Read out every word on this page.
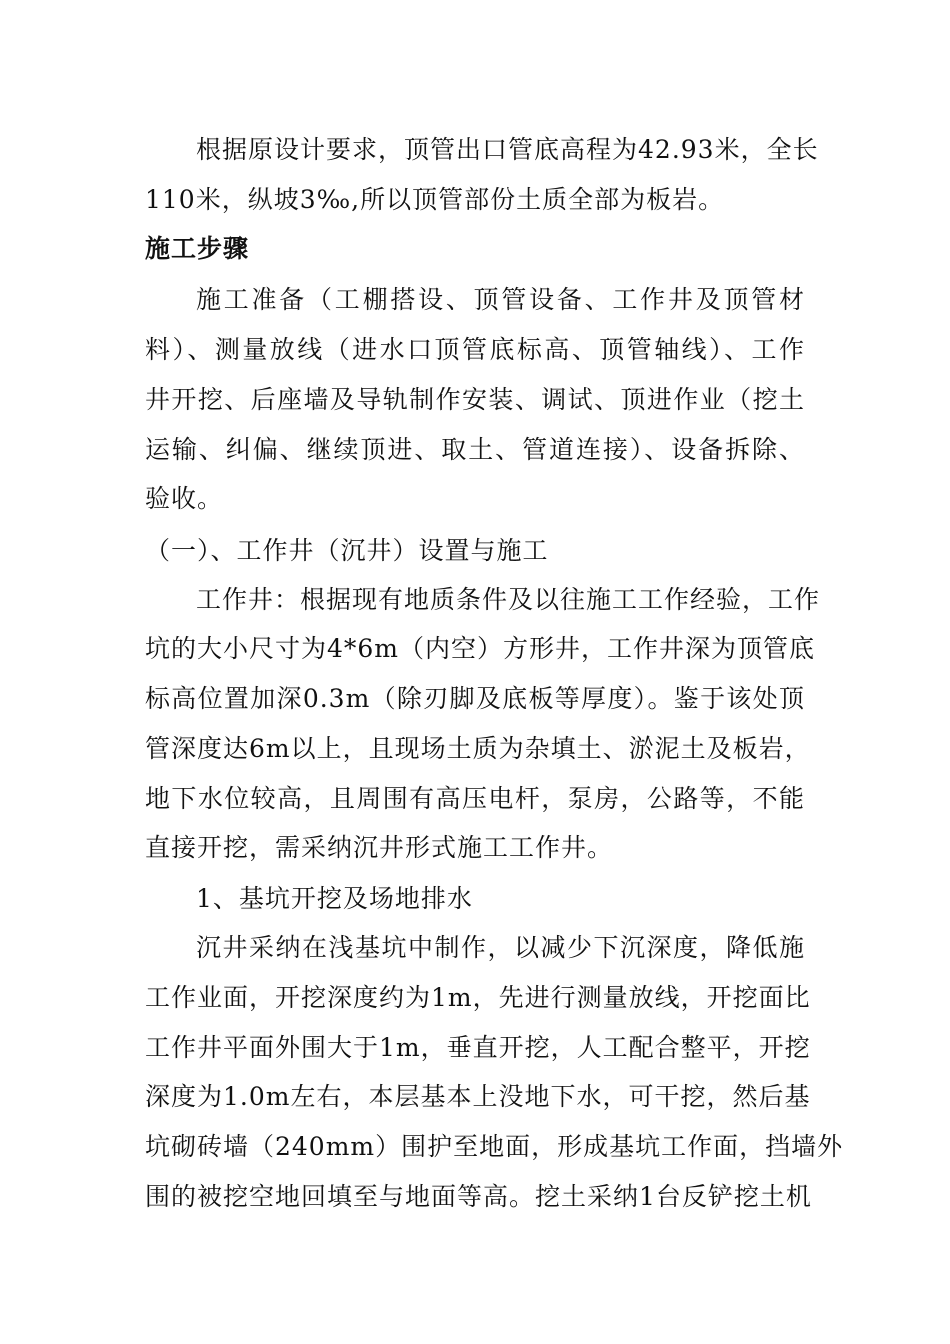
根据原设计要求，顶管出口管底高程为42.93米，全长
110米，纵坡3‰,所以顶管部份土质全部为板岩。
施工步骤
施工准备（工棚搭设、顶管设备、工作井及顶管材
料）、测量放线（进水口顶管底标高、顶管轴线）、工作
井开挖、后座墙及导轨制作安装、调试、顶进作业（挖土
运输、纠偏、继续顶进、取土、管道连接）、设备拆除、
验收。
（一）、工作井（沉井）设置与施工
工作井：根据现有地质条件及以往施工工作经验，工作
坑的大小尺寸为4*6m（内空）方形井，工作井深为顶管底
标高位置加深0.3m（除刃脚及底板等厚度）。鉴于该处顶
管深度达6m以上，且现场土质为杂填土、淤泥土及板岩，
地下水位较高，且周围有高压电杆，泵房，公路等，不能
直接开挖，需采纳沉井形式施工工作井。
1、基坑开挖及场地排水
沉井采纳在浅基坑中制作，以减少下沉深度，降低施
工作业面，开挖深度约为1m，先进行测量放线，开挖面比
工作井平面外围大于1m，垂直开挖，人工配合整平，开挖
深度为1.0m左右，本层基本上没地下水，可干挖，然后基
坑砌砖墙（240mm）围护至地面，形成基坑工作面，挡墙外
围的被挖空地回填至与地面等高。挖土采纳1台反铲挖土机
